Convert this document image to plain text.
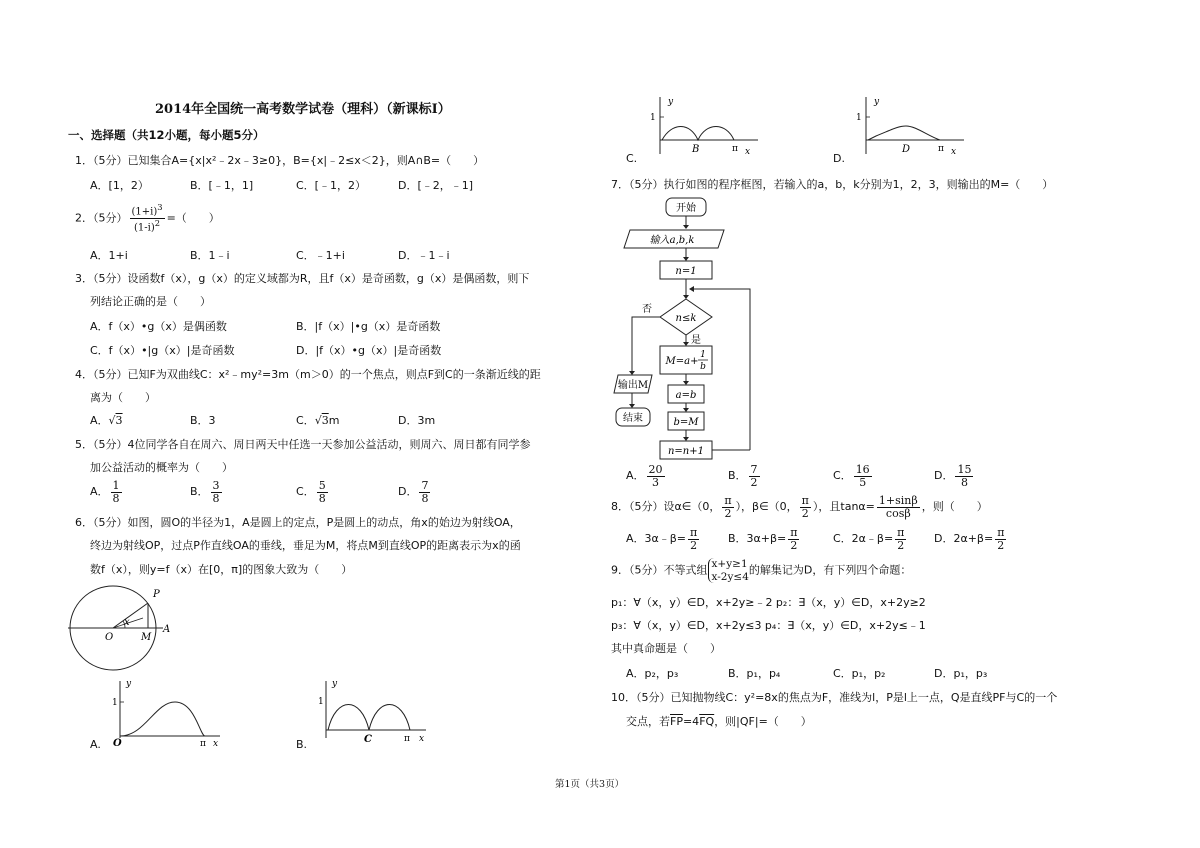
2014年全国统一高考数学试卷（理科）（新课标Ⅰ）
一、选择题（共12小题，每小题5分）
1．（5分）已知集合A={x|x²﹣2x﹣3≥0}，B={x|﹣2≤x＜2}，则A∩B=（　　）
A．[1，2）	B．[﹣1，1]	C．[﹣1，2）	D．[﹣2，﹣1]
2．（5分） $\frac{(1+i)^3}{(1-i)^2}$ =（　　）
A．1+i	B．1﹣i	C．﹣1+i	D．﹣1﹣i
3．（5分）设函数f（x），g（x）的定义域都为R，且f（x）是奇函数，g（x）是偶函数，则下
列结论正确的是（　　）
A．f（x）•g（x）是偶函数	B．|f（x）|•g（x）是奇函数
C．f（x）•|g（x）|是奇函数	D．|f（x）•g（x）|是奇函数
4．（5分）已知F为双曲线C：x²﹣my²=3m（m＞0）的一个焦点，则点F到C的一条渐近线的距
离为（　　）
A．√3	B．3	C．√3m	D．3m
5．（5分）4位同学各自在周六、周日两天中任选一天参加公益活动，则周六、周日都有同学参
加公益活动的概率为（　　）
A． $\frac{1}{8}$	B． $\frac{3}{8}$	C． $\frac{5}{8}$	D． $\frac{7}{8}$
6．（5分）如图，圆O的半径为1，A是圆上的定点，P是圆上的动点，角x的始边为射线OA，
终边为射线OP，过点P作直线OA的垂线，垂足为M，将点M到直线OP的距离表示为x的函
数f（x），则y=f（x）在[0，π]的图象大致为（　　）
P
x
O	M
A
A.
y
1
π x
O	B.
y
1
π x
C
C.
y
1
π x
B
D.
y
1
π x
D
7．（5分）执行如图的程序框图，若输入的a，b，k分别为1，2，3，则输出的M=（　　）
开始
输入a,b,k
n=1
n≤k
否
是
M=a+
1
b
a=b
b=M
n=n+1
输出M
结束
A． $\frac{20}{3}$	B． $\frac{7}{2}$	C． $\frac{16}{5}$	D． $\frac{15}{8}$
8．（5分）设α∈（0， $\frac{\pi}{2}$ ），β∈（0， $\frac{\pi}{2}$ ），且$\tan\alpha= \frac{1+\sin\beta}{\cos\beta}$ ，则（　　）
A．3α﹣β= $\frac{\pi}{2}$	B．$3\alpha+\beta= \frac{\pi}{2}$	C．2α﹣β= $\frac{\pi}{2}$	D．$2\alpha+\beta= \frac{\pi}{2}$
9．（5分）不等式组 x+y≥1
x-2y≤4 的解集记为D，有下列四个命题：
p₁：∀（x，y）∈D，x+2y≥﹣2 p₂：∃（x，y）∈D，x+2y≥2
p₃：∀（x，y）∈D，x+2y≤3 p₄：∃（x，y）∈D，x+2y≤﹣1
其中真命题是（　　）
A．p₂，p₃	B．p₁，p₄	C．p₁，p₂	D．p₁，p₃
10．（5分）已知抛物线C：y²=8x的焦点为F，准线为l，P是l上一点，Q是直线PF与C的一个
交点，若$\overline{FP}=4\overline{FQ}$，则|QF|=（　　）
第1页（共3页）
